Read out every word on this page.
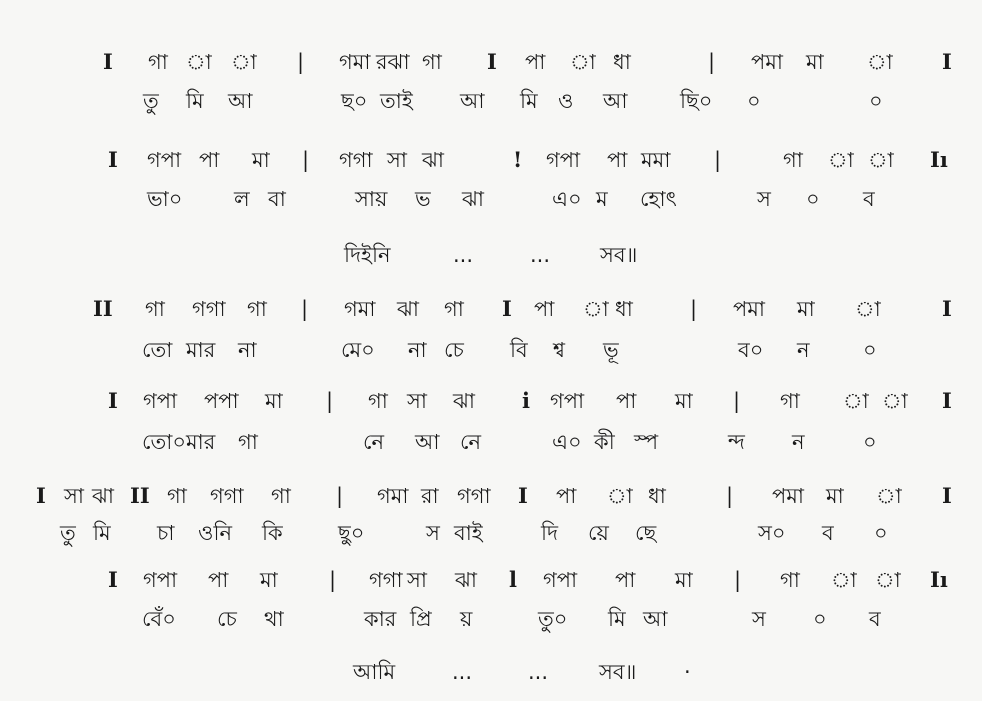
I গা া া | গমা রঝা গা I পা া ধা	| পমা মা া I
তু মি আ	ছ০ তাই আ মি ও আ	ছি০ ০	০
I গপা পা মা | গগা সা ঝা	! গপা পা মমা |	গা া া Iı
ভা০ ল বা	সায় ভ ঝা	এ০ ম হোৎ	স ০ ব
দিইনি	...	... সব॥
II গা গগা গা | গমা ঝা গা I পা া ধা	| পমা মা া	I
তো মার না	মে০ না চে বি শ্ব ভূ	ব০ ন	০
I গপা পপা মা | গা সা ঝা i গপা পা মা | গা া া I
তো০ মার গা	নে আ নে	এ০ কী স্প	ন্দ ন	০
I সা ঝা II গা গগা গা | গমা রা গগা I পা া ধা	| পমা মা া I
তু মি চা ওনি কি	ছু০	স বাই	দি য়ে ছে	স০ ব ০
I গপা পা মা | গগা সা ঝা l গপা পা মা | গা া া Iı
বেঁ০ চে থা	কার প্রি য়	তু০ মি আ	স ০ ব
আমি	...	... সব॥ ·
